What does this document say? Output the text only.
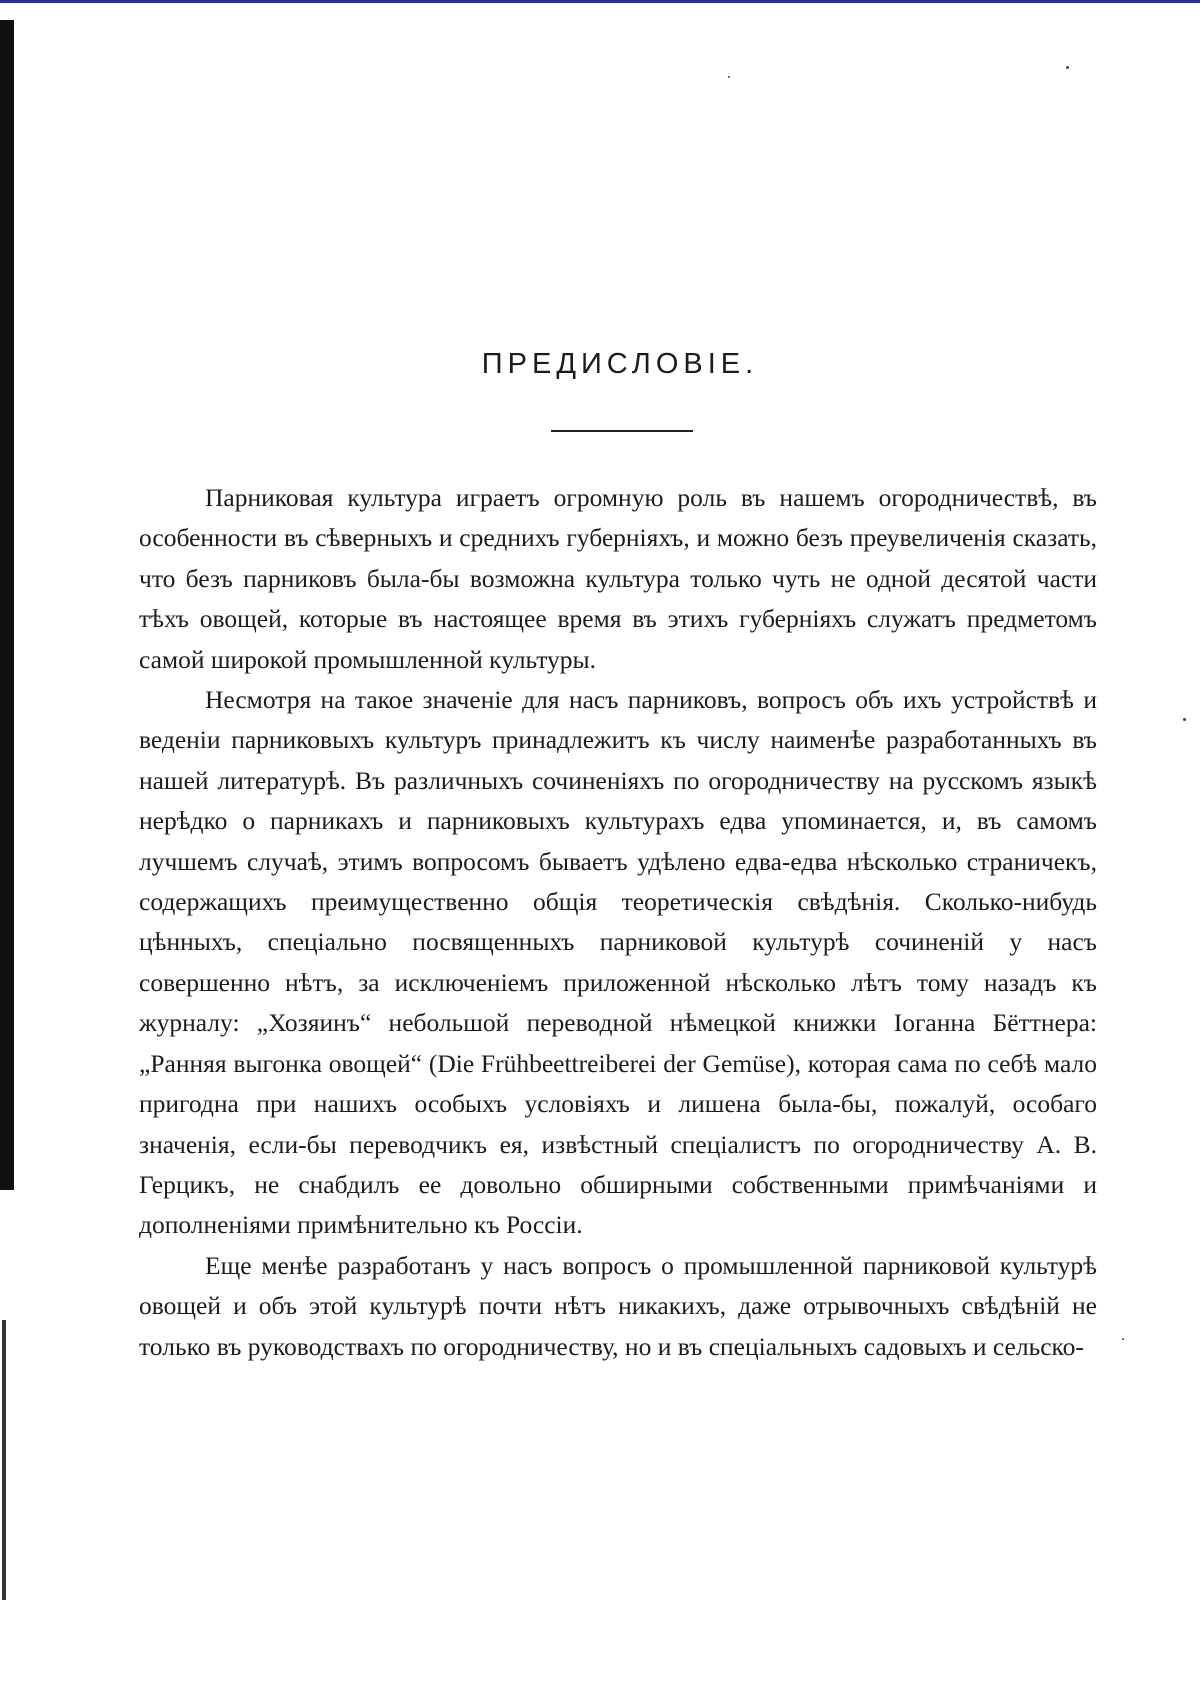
ПРЕДИСЛОВІЕ.

Парниковая культура играетъ огромную роль въ нашемъ огородничествѣ, въ особенности въ сѣверныхъ и среднихъ губерніяхъ, и можно безъ преувеличенія сказать, что безъ парниковъ была-бы возможна культура только чуть не одной десятой части тѣхъ овощей, которые въ настоящее время въ этихъ губерніяхъ служатъ предметомъ самой широкой промышленной культуры.

Несмотря на такое значеніе для насъ парниковъ, вопросъ объ ихъ устройствѣ и веденіи парниковыхъ культуръ принадлежитъ къ числу наименѣе разработанныхъ въ нашей литературѣ. Въ различныхъ сочиненіяхъ по огородничеству на русскомъ языкѣ нерѣдко о парникахъ и парниковыхъ культурахъ едва упоминается, и, въ самомъ лучшемъ случаѣ, этимъ вопросомъ бываетъ удѣлено едва-едва нѣсколько страничекъ, содержащихъ преимущественно общія теоретическія свѣдѣнія. Сколько-нибудь цѣнныхъ, спеціально посвященныхъ парниковой культурѣ сочиненій у насъ совершенно нѣтъ, за исключеніемъ приложенной нѣсколько лѣтъ тому назадъ къ журналу: „Хозяинъ“ небольшой переводной нѣмецкой книжки Іоганна Бёттнера: „Ранняя выгонка овощей“ (Die Frühbeettreiberei der Gemüse), которая сама по себѣ мало пригодна при нашихъ особыхъ условіяхъ и лишена была-бы, пожалуй, особаго значенія, если-бы переводчикъ ея, извѣстный спеціалистъ по огородничеству А. В. Герцикъ, не снабдилъ ее довольно обширными собственными примѣчаніями и дополненіями примѣнительно къ Россіи.

Еще менѣе разработанъ у насъ вопросъ о промышленной парниковой культурѣ овощей и объ этой культурѣ почти нѣтъ никакихъ, даже отрывочныхъ свѣдѣній не только въ руководствахъ по огородничеству, но и въ спеціальныхъ садовыхъ и сельско-
